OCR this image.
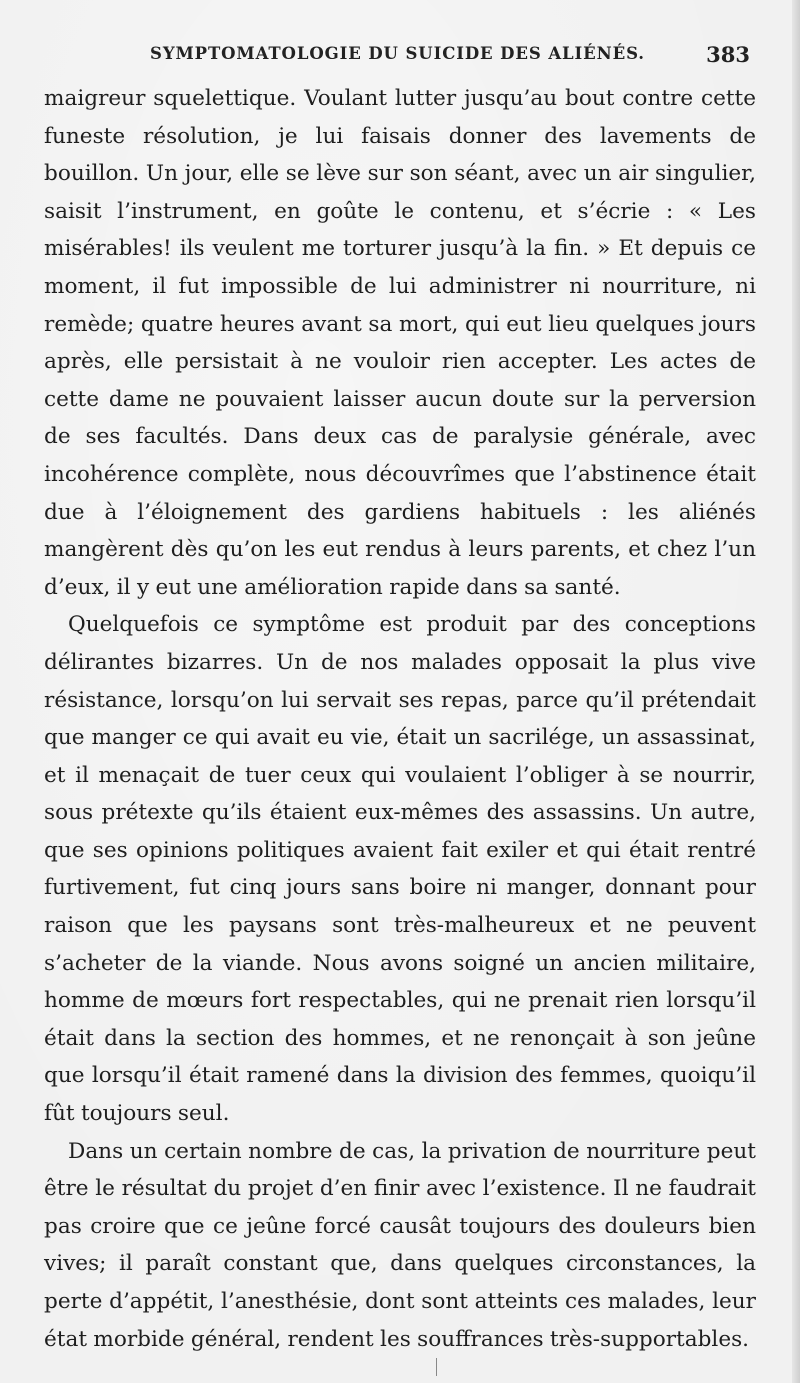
SYMPTOMATOLOGIE DU SUICIDE DES ALIÉNÉS.	383

maigreur squelettique. Voulant lutter jusqu’au bout contre cette funeste résolution, je lui faisais donner des lavements de bouillon. Un jour, elle se lève sur son séant, avec un air singulier, saisit l’instrument, en goûte le contenu, et s’écrie : « Les misérables! ils veulent me torturer jusqu’à la fin. » Et depuis ce moment, il fut impossible de lui administrer ni nourriture, ni remède; quatre heures avant sa mort, qui eut lieu quelques jours après, elle persistait à ne vouloir rien accepter. Les actes de cette dame ne pouvaient laisser aucun doute sur la perversion de ses facultés. Dans deux cas de paralysie générale, avec incohérence complète, nous découvrîmes que l’abstinence était due à l’éloignement des gardiens habituels : les aliénés mangèrent dès qu’on les eut rendus à leurs parents, et chez l’un d’eux, il y eut une amélioration rapide dans sa santé.

Quelquefois ce symptôme est produit par des conceptions délirantes bizarres. Un de nos malades opposait la plus vive résistance, lorsqu’on lui servait ses repas, parce qu’il prétendait que manger ce qui avait eu vie, était un sacrilége, un assassinat, et il menaçait de tuer ceux qui voulaient l’obliger à se nourrir, sous prétexte qu’ils étaient eux-mêmes des assassins. Un autre, que ses opinions politiques avaient fait exiler et qui était rentré furtivement, fut cinq jours sans boire ni manger, donnant pour raison que les paysans sont très-malheureux et ne peuvent s’acheter de la viande. Nous avons soigné un ancien militaire, homme de mœurs fort respectables, qui ne prenait rien lorsqu’il était dans la section des hommes, et ne renonçait à son jeûne que lorsqu’il était ramené dans la division des femmes, quoiqu’il fût toujours seul.

Dans un certain nombre de cas, la privation de nourriture peut être le résultat du projet d’en finir avec l’existence. Il ne faudrait pas croire que ce jeûne forcé causât toujours des douleurs bien vives; il paraît constant que, dans quelques circonstances, la perte d’appétit, l’anesthésie, dont sont atteints ces malades, leur état morbide général, rendent les souffrances très-supportables.
